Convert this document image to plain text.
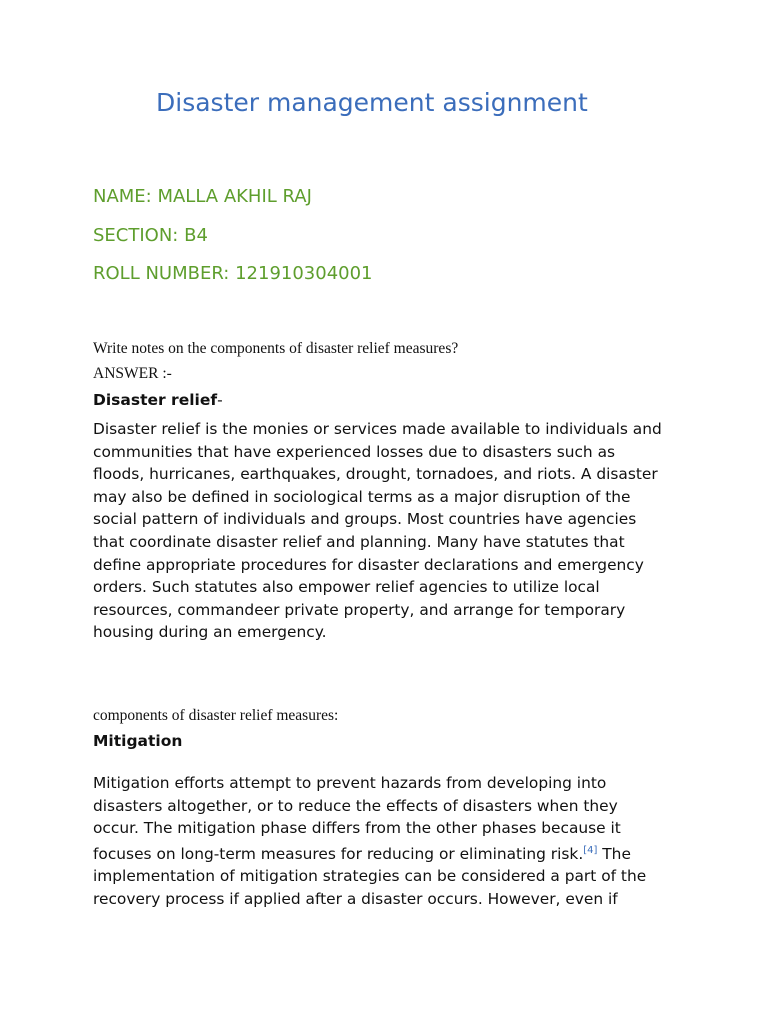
Disaster management assignment
NAME: MALLA AKHIL RAJ
SECTION: B4
ROLL NUMBER: 121910304001
Write notes on the components of disaster relief measures?
ANSWER :-
Disaster relief-
Disaster relief is the monies or services made available to individuals and
communities that have experienced losses due to disasters such as
floods, hurricanes, earthquakes, drought, tornadoes, and riots. A disaster
may also be defined in sociological terms as a major disruption of the
social pattern of individuals and groups. Most countries have agencies
that coordinate disaster relief and planning. Many have statutes that
define appropriate procedures for disaster declarations and emergency
orders. Such statutes also empower relief agencies to utilize local
resources, commandeer private property, and arrange for temporary
housing during an emergency.
components of disaster relief measures:
Mitigation
Mitigation efforts attempt to prevent hazards from developing into
disasters altogether, or to reduce the effects of disasters when they
occur. The mitigation phase differs from the other phases because it
focuses on long-term measures for reducing or eliminating risk.[4] The
implementation of mitigation strategies can be considered a part of the
recovery process if applied after a disaster occurs. However, even if
